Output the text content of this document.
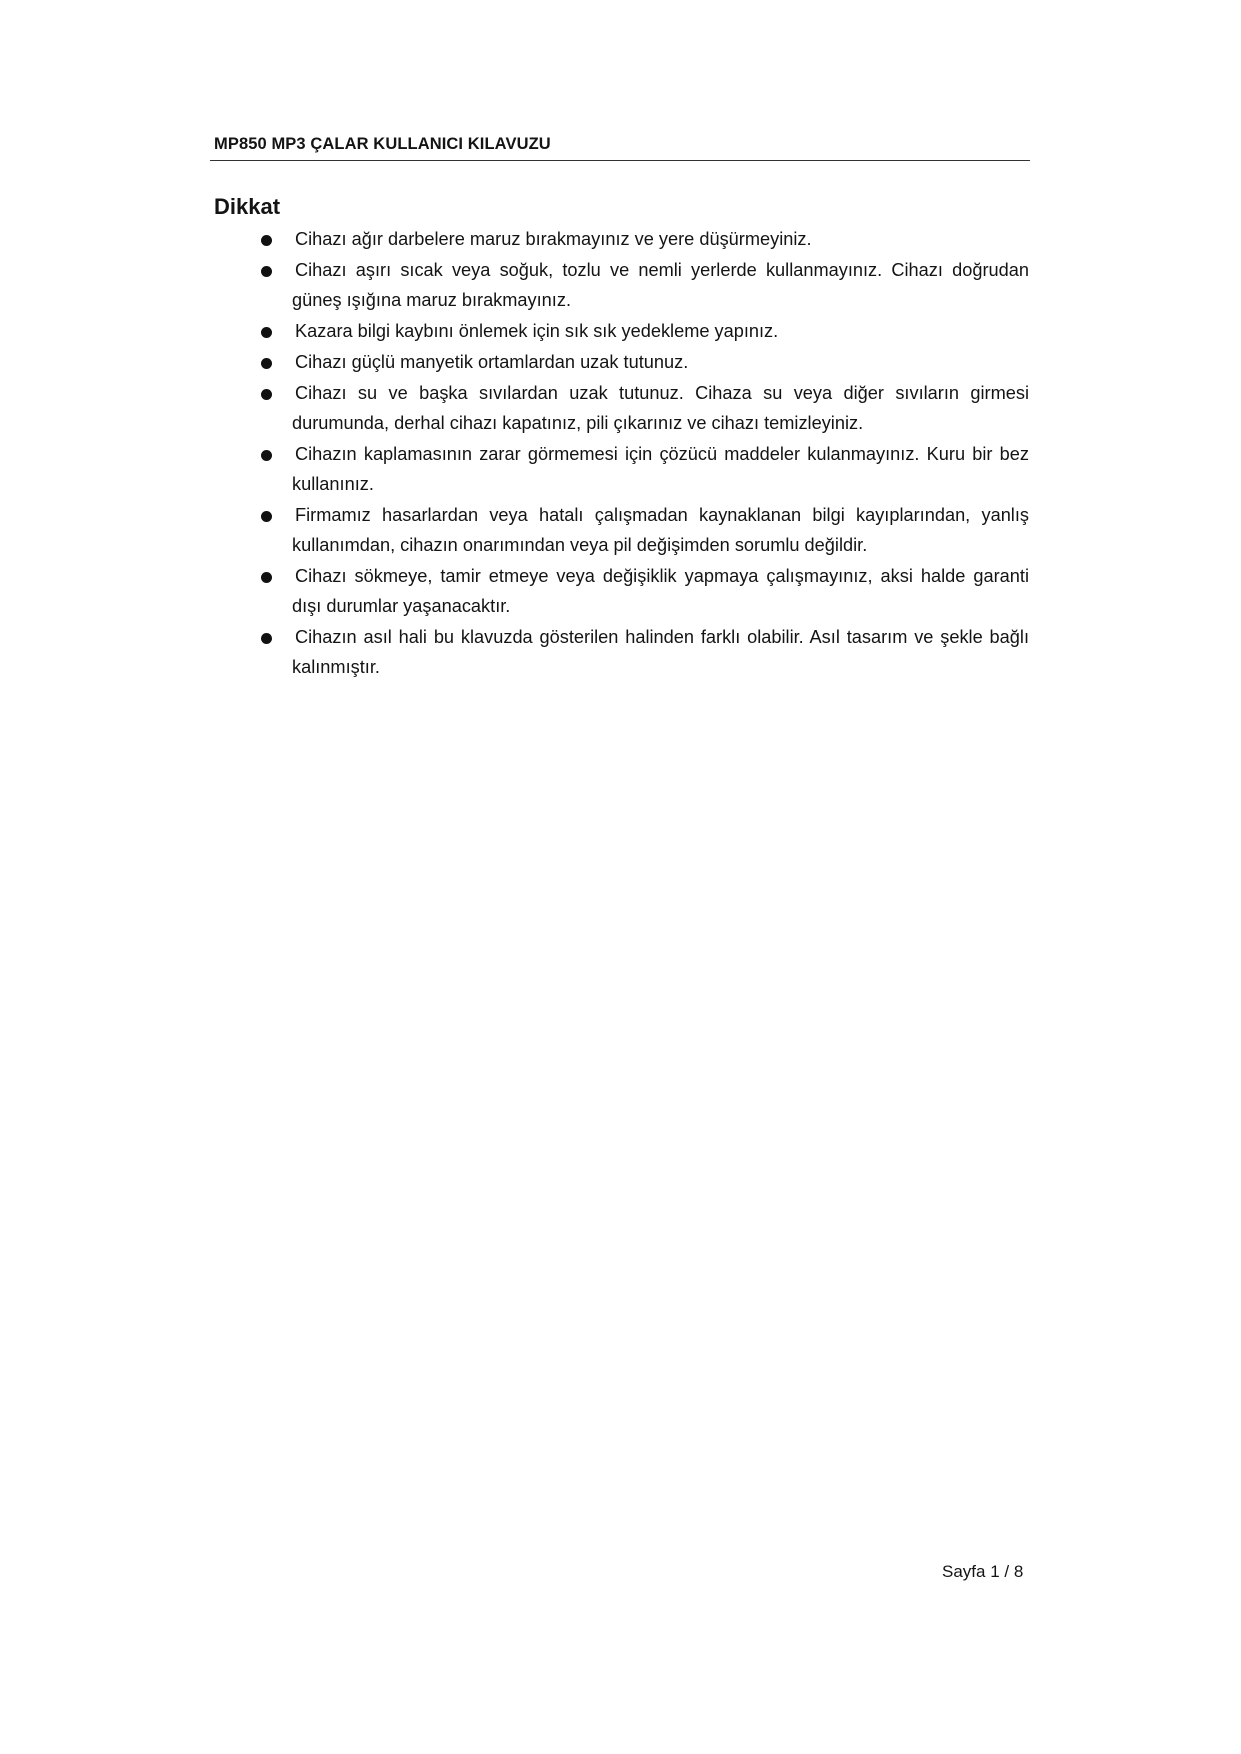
MP850 MP3 ÇALAR KULLANICI KILAVUZU
Dikkat
Cihazı ağır darbelere maruz bırakmayınız ve yere düşürmeyiniz.
Cihazı aşırı sıcak veya soğuk, tozlu ve nemli yerlerde kullanmayınız. Cihazı doğrudan güneş ışığına maruz bırakmayınız.
Kazara bilgi kaybını önlemek için sık sık yedekleme yapınız.
Cihazı güçlü manyetik ortamlardan uzak tutunuz.
Cihazı su ve başka sıvılardan uzak tutunuz. Cihaza su veya diğer sıvıların girmesi durumunda, derhal cihazı kapatınız, pili çıkarınız ve cihazı temizleyiniz.
Cihazın kaplamasının zarar görmemesi için çözücü maddeler kulanmayınız. Kuru bir bez kullanınız.
Firmamız hasarlardan veya hatalı çalışmadan kaynaklanan bilgi kayıplarından, yanlış kullanımdan, cihazın onarımından veya pil değişimden sorumlu değildir.
Cihazı sökmeye, tamir etmeye veya değişiklik yapmaya çalışmayınız, aksi halde garanti dışı durumlar yaşanacaktır.
Cihazın asıl hali bu klavuzda gösterilen halinden farklı olabilir. Asıl tasarım ve şekle bağlı kalınmıştır.
Sayfa 1 / 8
